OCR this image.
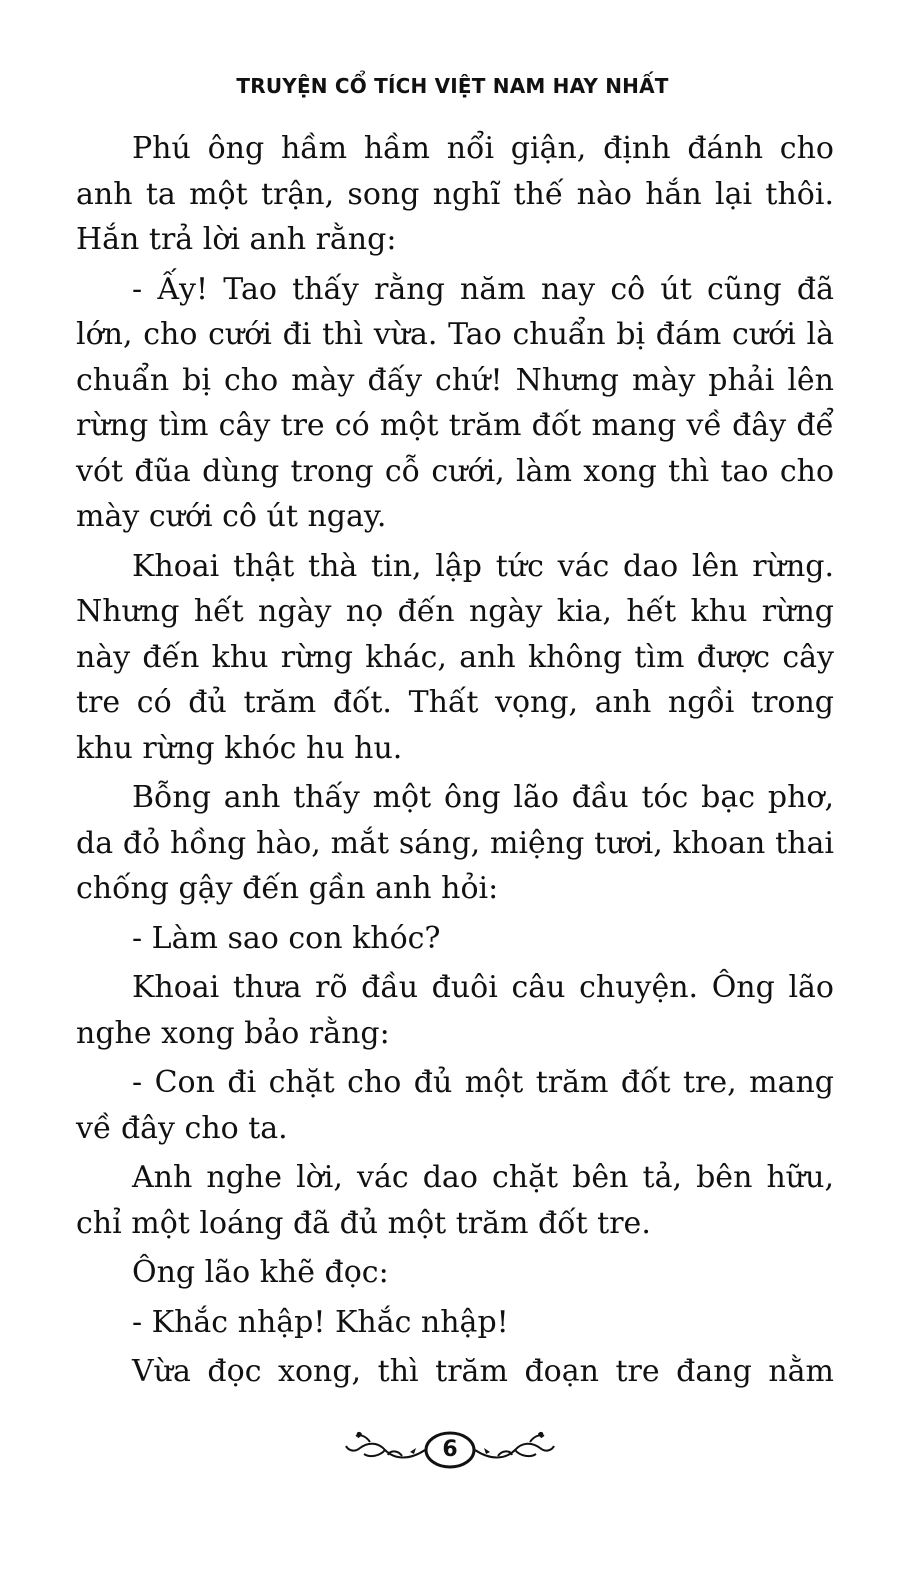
TRUYỆN CỔ TÍCH VIỆT NAM HAY NHẤT

Phú ông hầm hầm nổi giận, định đánh cho anh ta một trận, song nghĩ thế nào hắn lại thôi. Hắn trả lời anh rằng:

- Ấy! Tao thấy rằng năm nay cô út cũng đã lớn, cho cưới đi thì vừa. Tao chuẩn bị đám cưới là chuẩn bị cho mày đấy chứ! Nhưng mày phải lên rừng tìm cây tre có một trăm đốt mang về đây để vót đũa dùng trong cỗ cưới, làm xong thì tao cho mày cưới cô út ngay.

Khoai thật thà tin, lập tức vác dao lên rừng. Nhưng hết ngày nọ đến ngày kia, hết khu rừng này đến khu rừng khác, anh không tìm được cây tre có đủ trăm đốt. Thất vọng, anh ngồi trong khu rừng khóc hu hu.

Bỗng anh thấy một ông lão đầu tóc bạc phơ, da đỏ hồng hào, mắt sáng, miệng tươi, khoan thai chống gậy đến gần anh hỏi:

- Làm sao con khóc?

Khoai thưa rõ đầu đuôi câu chuyện. Ông lão nghe xong bảo rằng:

- Con đi chặt cho đủ một trăm đốt tre, mang về đây cho ta.

Anh nghe lời, vác dao chặt bên tả, bên hữu, chỉ một loáng đã đủ một trăm đốt tre.

Ông lão khẽ đọc:

- Khắc nhập! Khắc nhập!

Vừa đọc xong, thì trăm đoạn tre đang nằm

6
